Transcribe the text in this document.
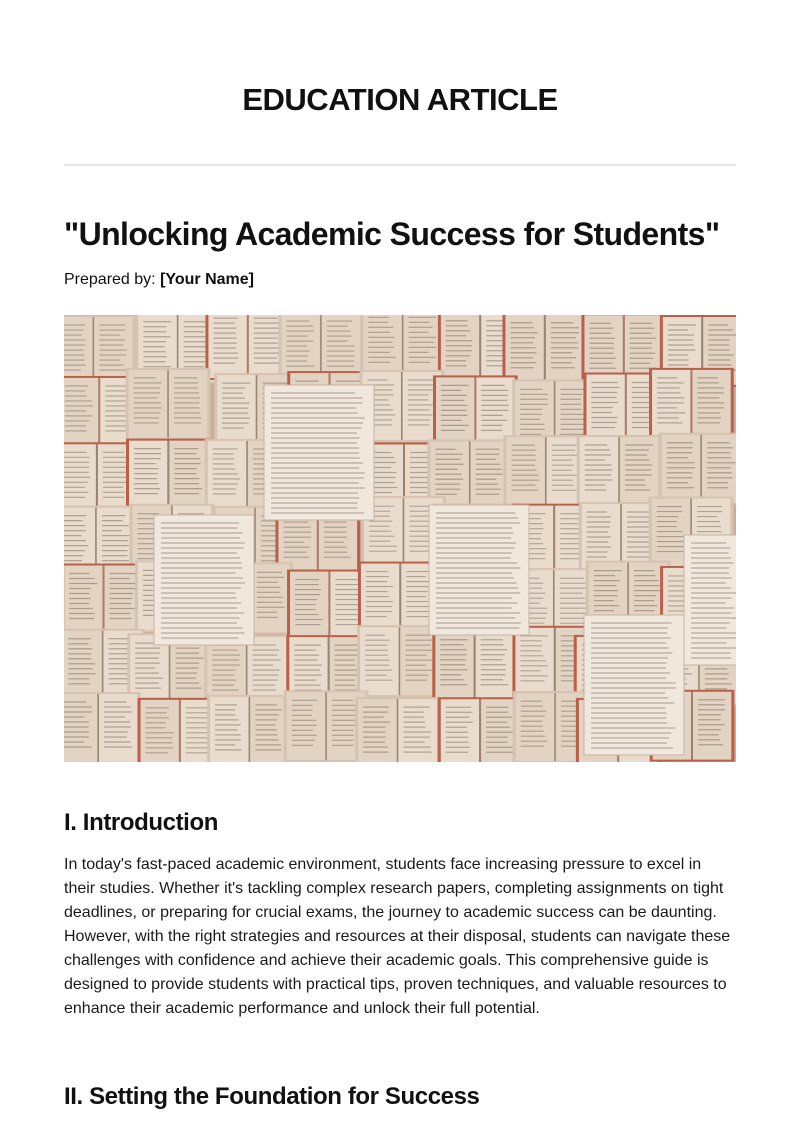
EDUCATION ARTICLE
"Unlocking Academic Success for Students"

Prepared by: [Your Name]

I. Introduction

In today's fast-paced academic environment, students face increasing pressure to excel in their studies. Whether it's tackling complex research papers, completing assignments on tight deadlines, or preparing for crucial exams, the journey to academic success can be daunting. However, with the right strategies and resources at their disposal, students can navigate these challenges with confidence and achieve their academic goals. This comprehensive guide is designed to provide students with practical tips, proven techniques, and valuable resources to enhance their academic performance and unlock their full potential.

II. Setting the Foundation for Success
